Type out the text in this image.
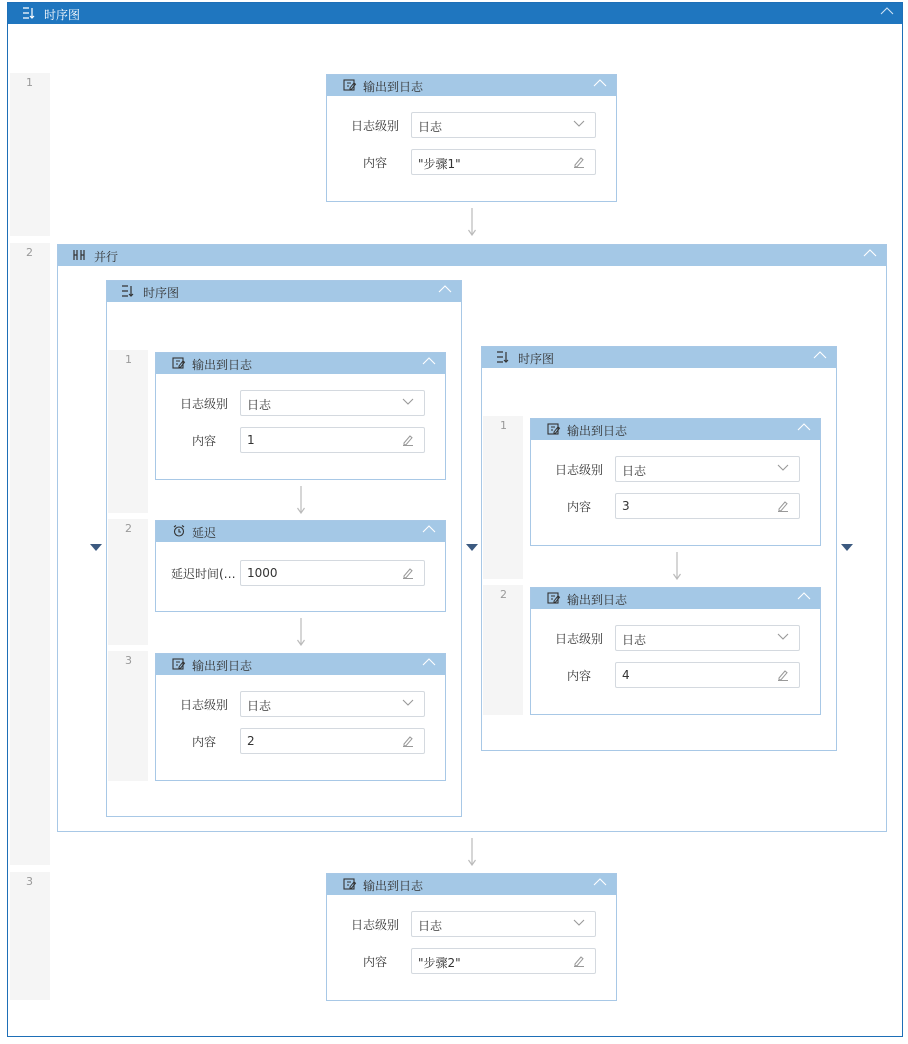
时序图
1
2
3
输出到日志
日志级别 日志
内容	"步骤1"
并行
时序图
1
2
3
输出到日志
日志级别 日志
内容	1
延迟
延迟时间(… 1000
输出到日志
日志级别 日志
内容	2
时序图
1
2
输出到日志
日志级别 日志
内容	3
输出到日志
日志级别 日志
内容	4
输出到日志
日志级别 日志
内容	"步骤2"
